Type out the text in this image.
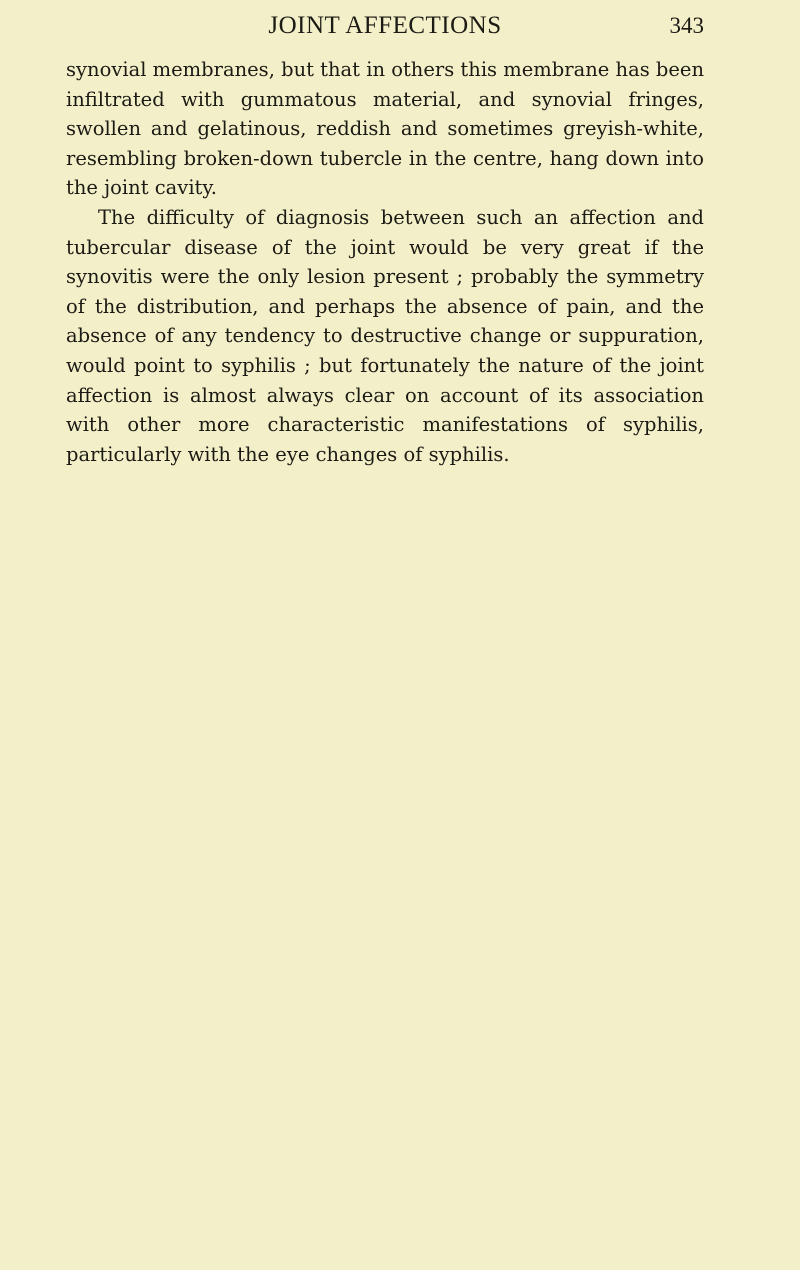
JOINT AFFECTIONS	343

synovial membranes, but that in others this membrane has been infiltrated with gummatous material, and synovial fringes, swollen and gelatinous, reddish and sometimes greyish-white, resembling broken-down tubercle in the centre, hang down into the joint cavity.

The difficulty of diagnosis between such an affection and tubercular disease of the joint would be very great if the synovitis were the only lesion present ; probably the symmetry of the distribution, and perhaps the absence of pain, and the absence of any tendency to destructive change or suppuration, would point to syphilis ; but fortunately the nature of the joint affection is almost always clear on account of its association with other more characteristic manifestations of syphilis, particularly with the eye changes of syphilis.
